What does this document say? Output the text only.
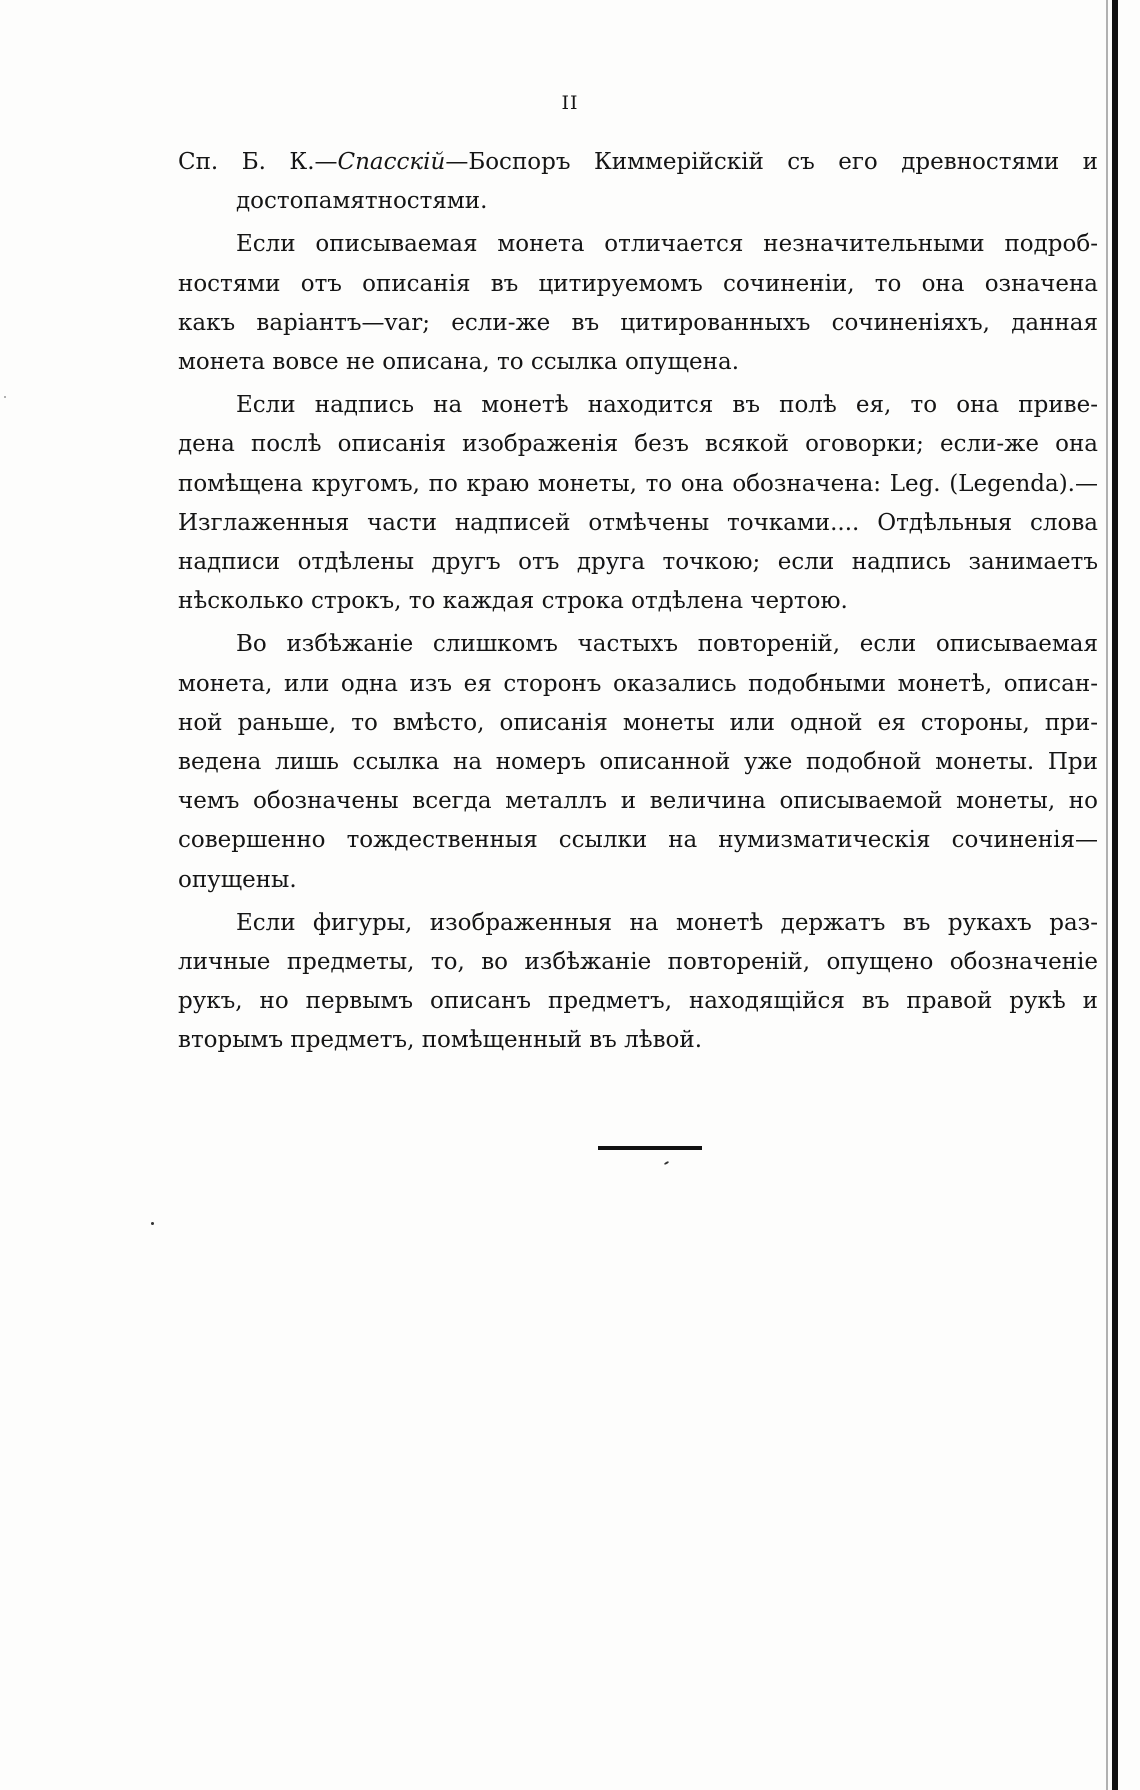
II
Сп. Б. К.—Спасскій—Боспоръ Киммерійскій съ его древностями и
достопамятностями.
Если описываемая монета отличается незначительными подроб-
ностями отъ описанія въ цитируемомъ сочиненіи, то она означена
какъ варіантъ—var; если-же въ цитированныхъ сочиненіяхъ, данная
монета вовсе не описана, то ссылка опущена.
Если надпись на монетѣ находится въ полѣ ея, то она приве-
дена послѣ описанія изображенія безъ всякой оговорки; если-же она
помѣщена кругомъ, по краю монеты, то она обозначена: Leg. (Legenda).—
Изглаженныя части надписей отмѣчены точками.... Отдѣльныя слова
надписи отдѣлены другъ отъ друга точкою; если надпись занимаетъ
нѣсколько строкъ, то каждая строка отдѣлена чертою.
Во избѣжаніе слишкомъ частыхъ повтореній, если описываемая
монета, или одна изъ ея сторонъ оказались подобными монетѣ, описан-
ной раньше, то вмѣсто, описанія монеты или одной ея стороны, при-
ведена лишь ссылка на номеръ описанной уже подобной монеты. При
чемъ обозначены всегда металлъ и величина описываемой монеты, но
совершенно тождественныя ссылки на нумизматическія сочиненія—
опущены.
Если фигуры, изображенныя на монетѣ держатъ въ рукахъ раз-
личные предметы, то, во избѣжаніе повтореній, опущено обозначеніе
рукъ, но первымъ описанъ предметъ, находящійся въ правой рукѣ и
вторымъ предметъ, помѣщенный въ лѣвой.
